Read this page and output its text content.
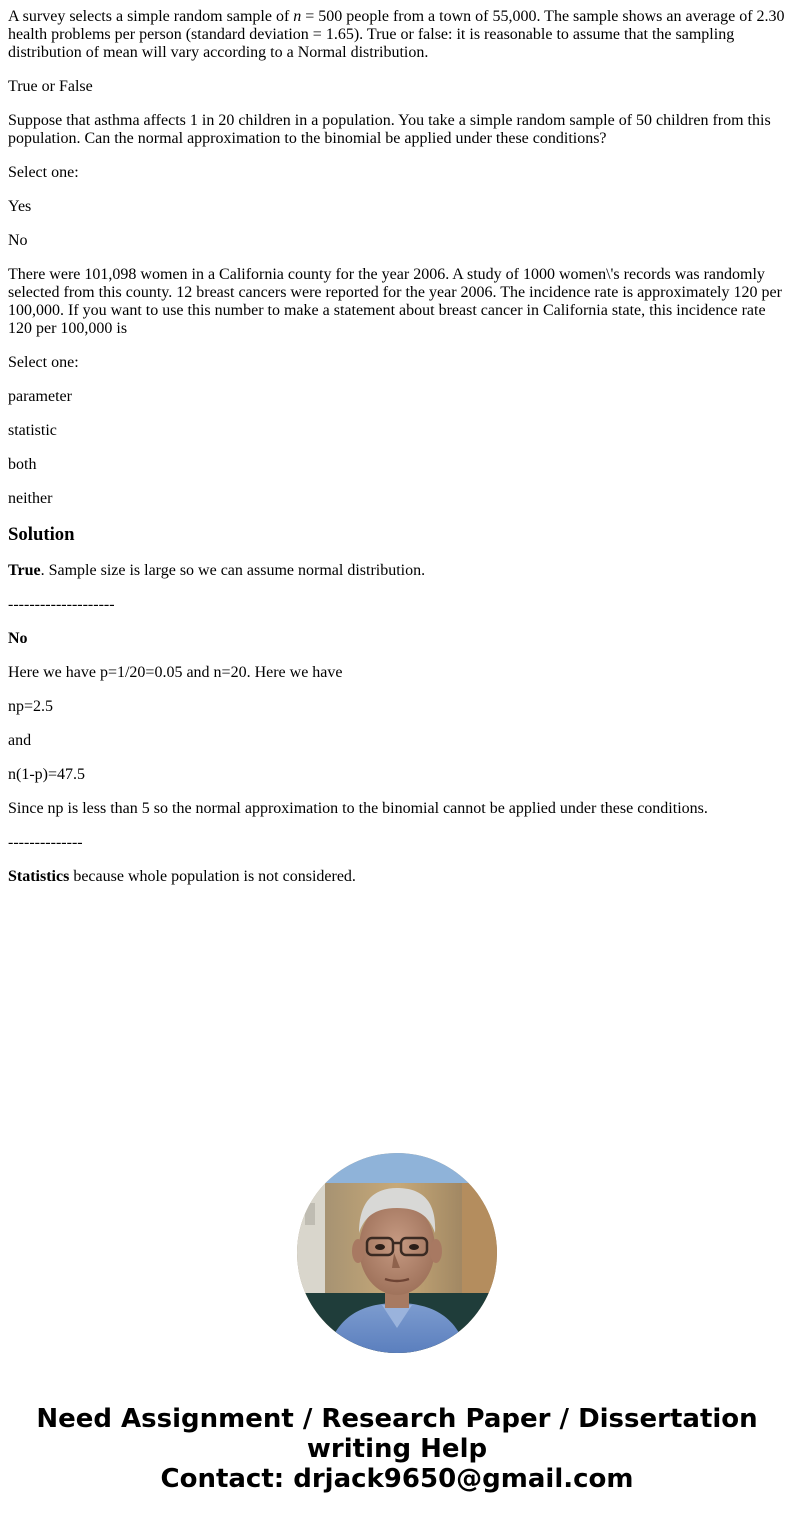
A survey selects a simple random sample of n = 500 people from a town of 55,000. The sample shows an average of 2.30 health problems per person (standard deviation = 1.65). True or false: it is reasonable to assume that the sampling distribution of mean will vary according to a Normal distribution.

True or False

Suppose that asthma affects 1 in 20 children in a population. You take a simple random sample of 50 children from this population. Can the normal approximation to the binomial be applied under these conditions?

Select one:

Yes

No

There were 101,098 women in a California county for the year 2006. A study of 1000 women\'s records was randomly selected from this county. 12 breast cancers were reported for the year 2006. The incidence rate is approximately 120 per 100,000. If you want to use this number to make a statement about breast cancer in California state, this incidence rate 120 per 100,000 is

Select one:

parameter

statistic

both

neither

Solution

True. Sample size is large so we can assume normal distribution.

--------------------

No

Here we have p=1/20=0.05 and n=20. Here we have

np=2.5

and

n(1-p)=47.5

Since np is less than 5 so the normal approximation to the binomial cannot be applied under these conditions.

--------------

Statistics because whole population is not considered.

Need Assignment / Research Paper / Dissertation
writing Help
Contact: drjack9650@gmail.com
